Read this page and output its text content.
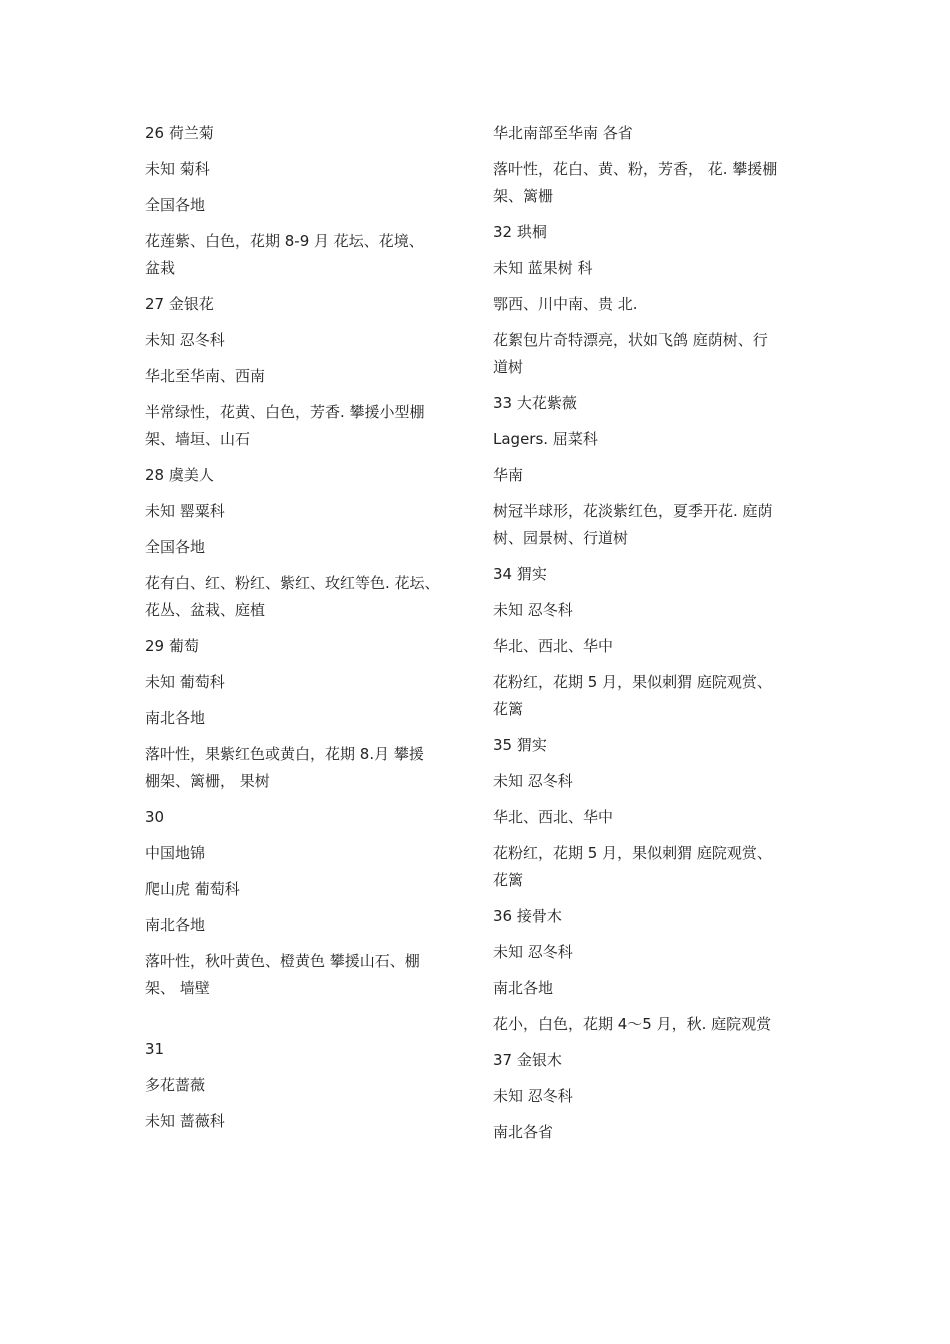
26 荷兰菊
未知 菊科
全国各地
花莲紫、白色，花期 8-9 月 花坛、花境、
盆栽
27 金银花
未知 忍冬科
华北至华南、西南
半常绿性，花黄、白色，芳香. 攀援小型棚
架、墙垣、山石
28 虞美人
未知 罂粟科
全国各地
花有白、红、粉红、紫红、玫红等色. 花坛、
花丛、盆栽、庭植
29 葡萄
未知 葡萄科
南北各地
落叶性，果紫红色或黄白，花期 8.月 攀援
棚架、篱栅， 果树
30
中国地锦
爬山虎 葡萄科
南北各地
落叶性，秋叶黄色、橙黄色 攀援山石、棚
架、 墙壁
31
多花蔷薇
未知 蔷薇科
华北南部至华南 各省
落叶性，花白、黄、粉，芳香， 花. 攀援棚
架、篱栅
32 珙桐
未知 蓝果树 科
鄂西、川中南、贵 北.
花絮包片奇特漂亮，状如飞鸽 庭荫树、行
道树
33 大花紫薇
Lagers. 屈菜科
华南
树冠半球形，花淡紫红色，夏季开花. 庭荫
树、园景树、行道树
34 猬实
未知 忍冬科
华北、西北、华中
花粉红，花期 5 月，果似刺猬 庭院观赏、
花篱
35 猬实
未知 忍冬科
华北、西北、华中
花粉红，花期 5 月，果似刺猬 庭院观赏、
花篱
36 接骨木
未知 忍冬科
南北各地
花小，白色，花期 4～5 月，秋. 庭院观赏
37 金银木
未知 忍冬科
南北各省
